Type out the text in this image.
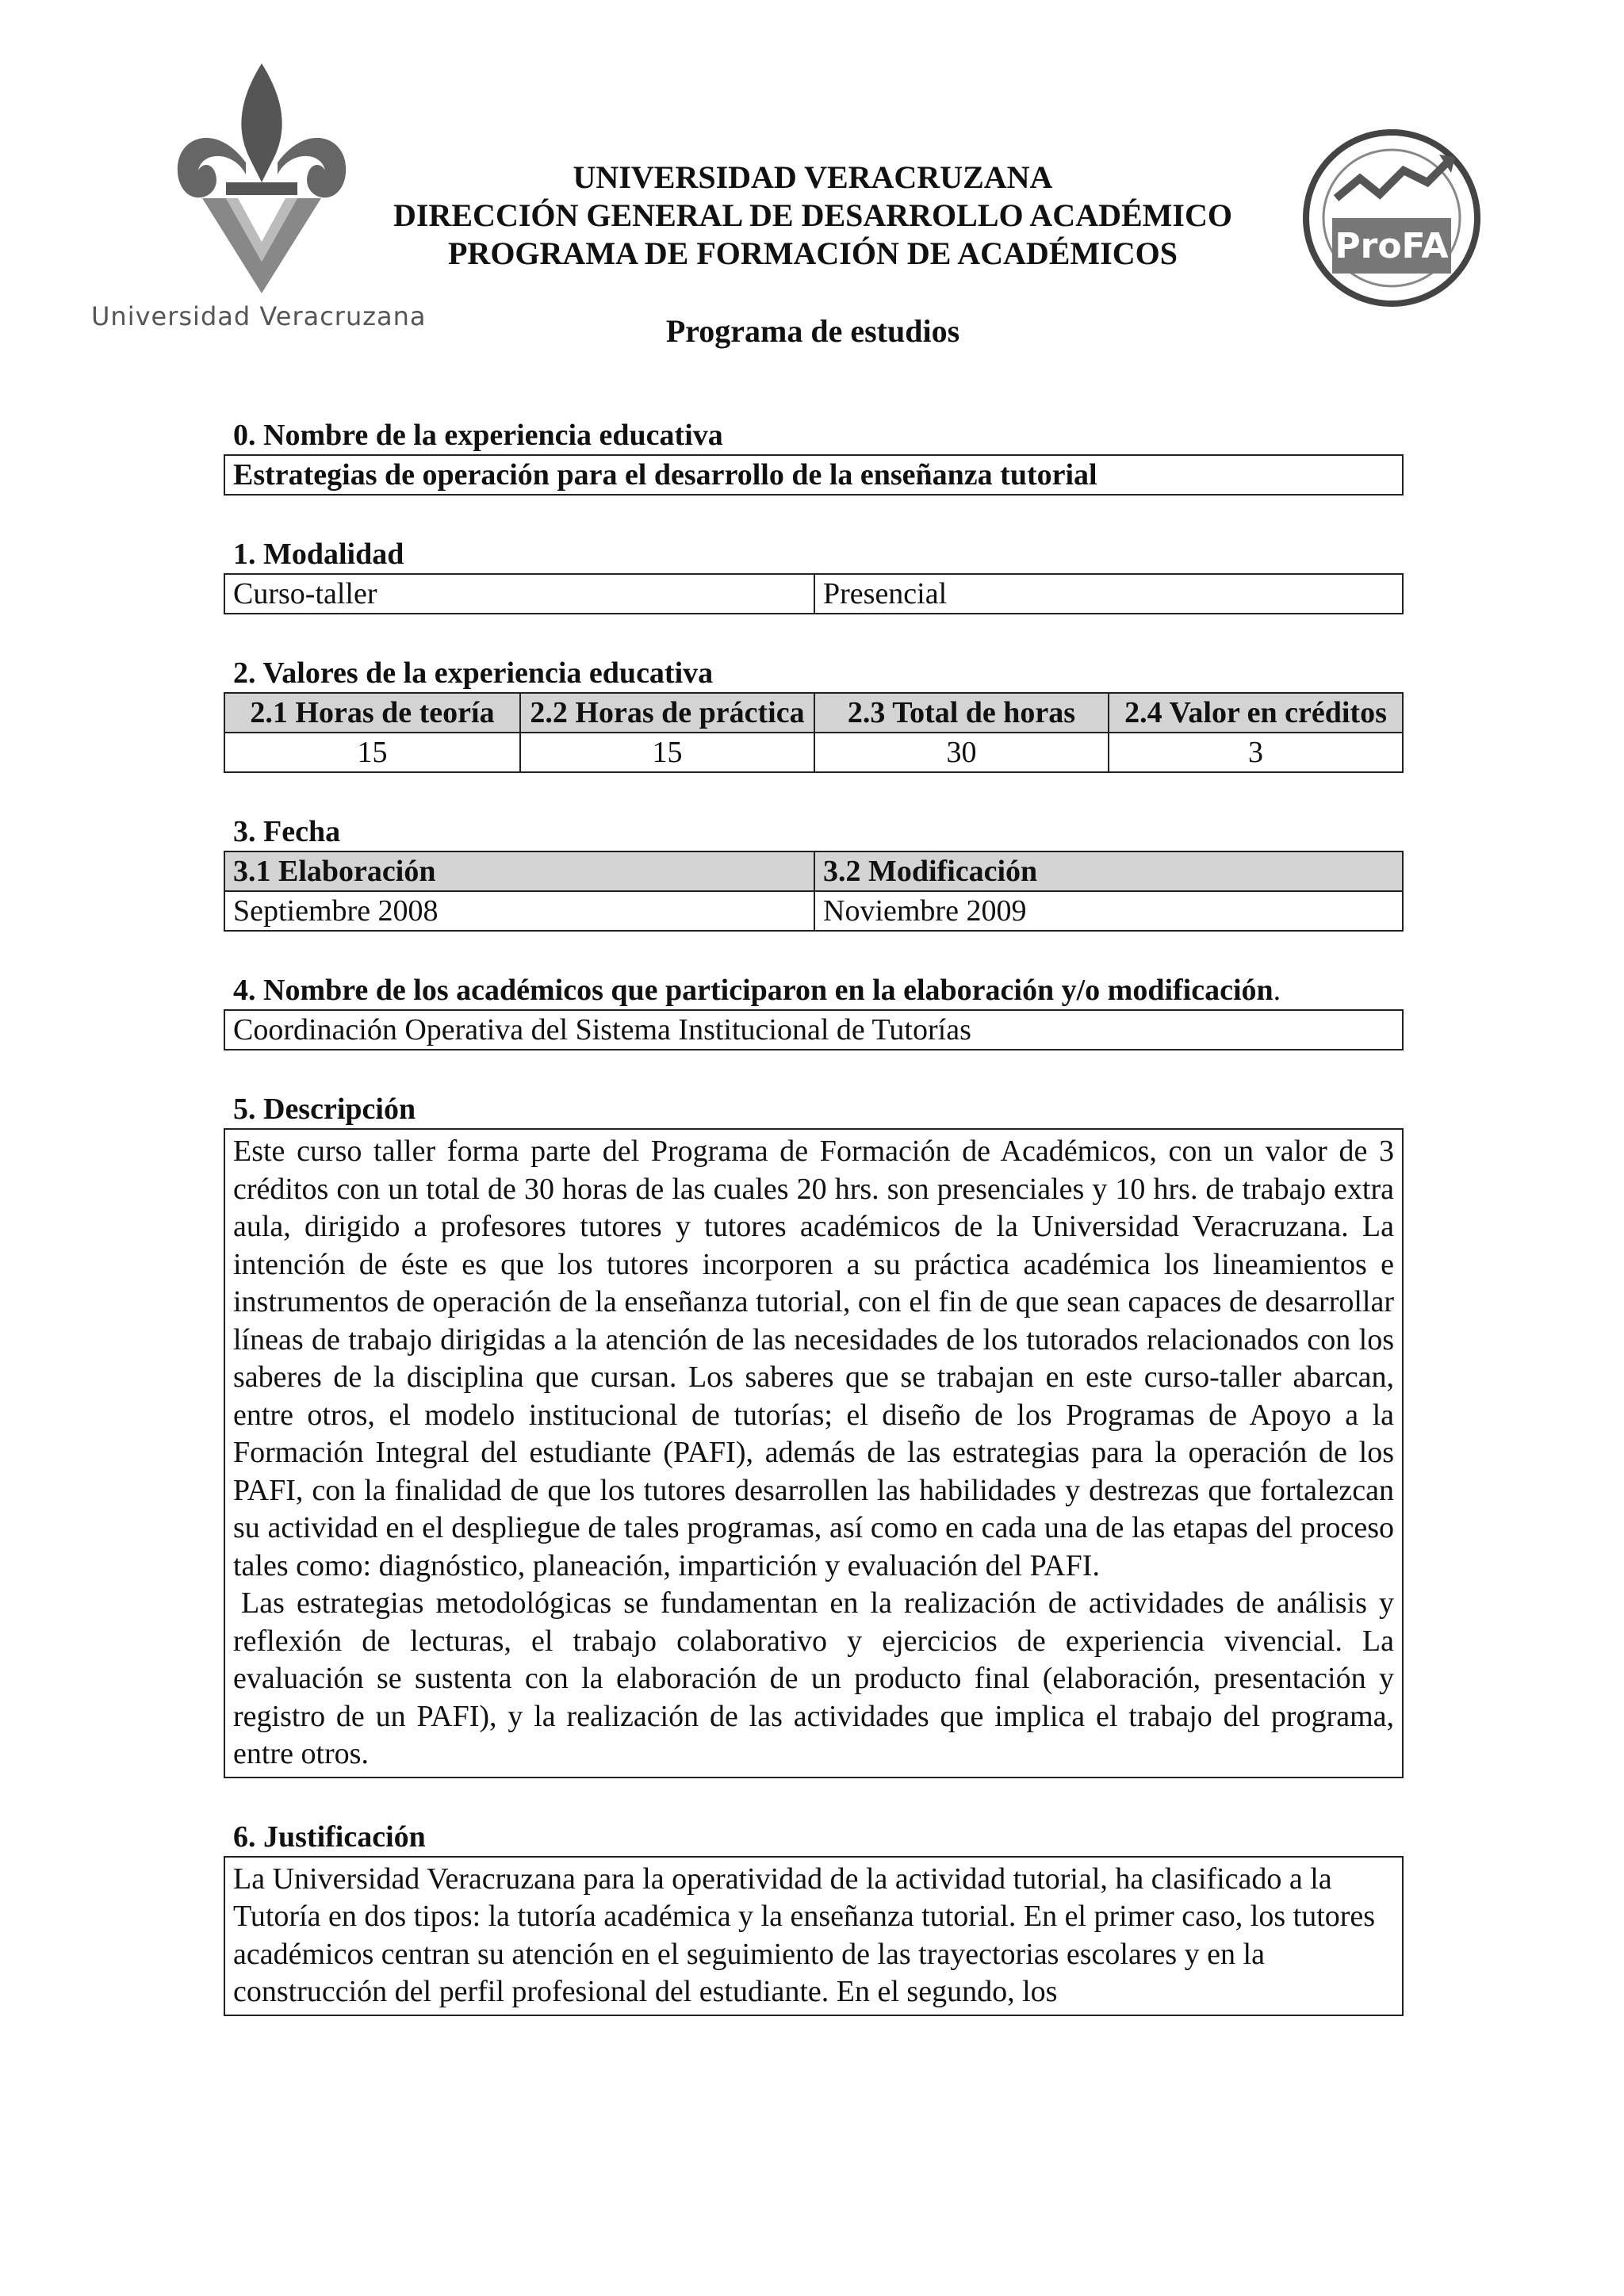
Universidad Veracruzana
ProFA
UNIVERSIDAD VERACRUZANA
DIRECCIÓN GENERAL DE DESARROLLO ACADÉMICO
PROGRAMA DE FORMACIÓN DE ACADÉMICOS
Programa de estudios
0. Nombre de la experiencia educativa
Estrategias de operación para el desarrollo de la enseñanza tutorial
1. Modalidad
Curso-taller	Presencial
2. Valores de la experiencia educativa
2.1 Horas de teoría	2.2 Horas de práctica	2.3 Total de horas	2.4 Valor en créditos
15	15	30	3
3. Fecha
3.1 Elaboración	3.2 Modificación
Septiembre 2008	Noviembre 2009
4. Nombre de los académicos que participaron en la elaboración y/o modificación.
Coordinación Operativa del Sistema Institucional de Tutorías
5. Descripción

Este curso taller forma parte del Programa de Formación de Académicos, con un valor de 3 créditos con un total de 30 horas de las cuales 20 hrs. son presenciales y 10 hrs. de trabajo extra aula, dirigido a profesores tutores y tutores académicos de la Universidad Veracruzana. La intención de éste es que los tutores incorporen a su práctica académica los lineamientos e instrumentos de operación de la enseñanza tutorial, con el fin de que sean capaces de desarrollar líneas de trabajo dirigidas a la atención de las necesidades de los tutorados relacionados con los saberes de la disciplina que cursan. Los saberes que se trabajan en este curso-taller abarcan, entre otros, el modelo institucional de tutorías; el diseño de los Programas de Apoyo a la Formación Integral del estudiante (PAFI), además de las estrategias para la operación de los PAFI, con la finalidad de que los tutores desarrollen las habilidades y destrezas que fortalezcan su actividad en el despliegue de tales programas, así como en cada una de las etapas del proceso tales como: diagnóstico, planeación, impartición y evaluación del PAFI.

Las estrategias metodológicas se fundamentan en la realización de actividades de análisis y reflexión de lecturas, el trabajo colaborativo y ejercicios de experiencia vivencial. La evaluación se sustenta con la elaboración de un producto final (elaboración, presentación y registro de un PAFI), y la realización de las actividades que implica el trabajo del programa, entre otros.

6. Justificación

La Universidad Veracruzana para la operatividad de la actividad tutorial, ha clasificado a la Tutoría en dos tipos: la tutoría académica y la enseñanza tutorial. En el primer caso, los tutores académicos centran su atención en el seguimiento de las trayectorias escolares y en la construcción del perfil profesional del estudiante. En el segundo, los
